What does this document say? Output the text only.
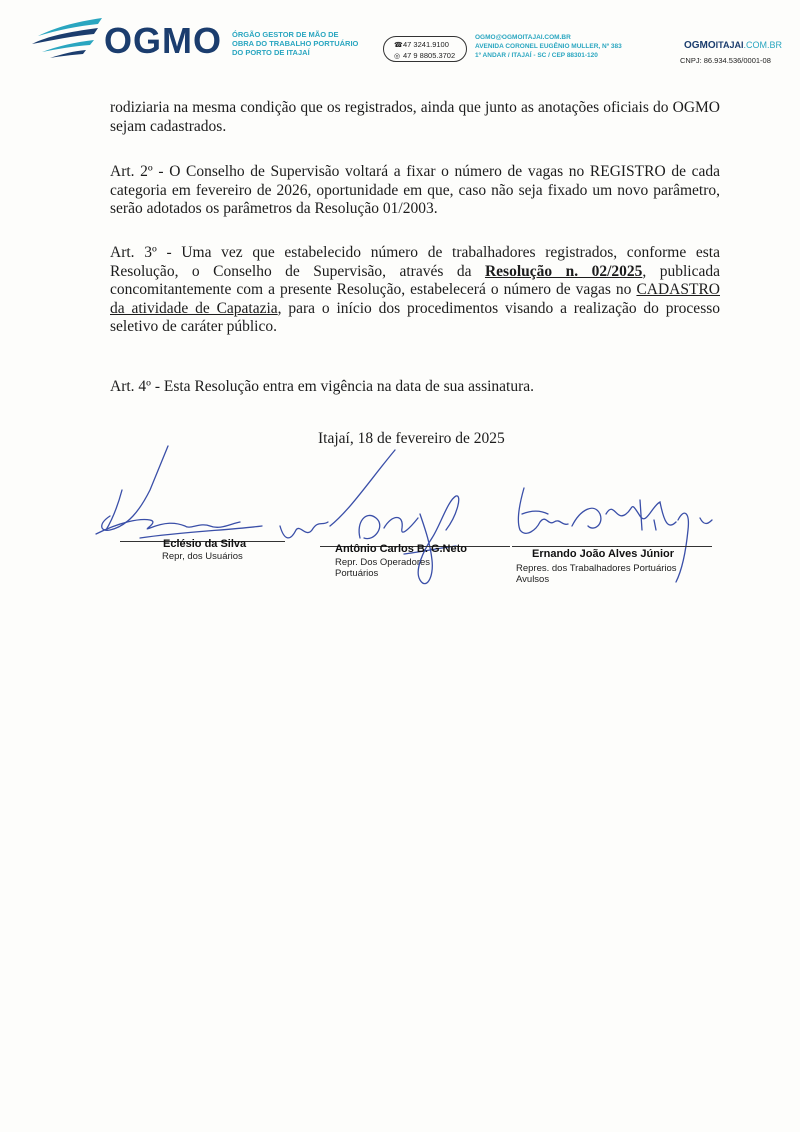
OGMO ÓRGÃO GESTOR DE MÃO DE
OBRA DO TRABALHO PORTUÁRIO
DO PORTO DE ITAJAÍ
☎47 3241.9100
◎ 47 9 8805.3702
OGMO@OGMOITAJAI.COM.BR
AVENIDA CORONEL EUGÊNIO MULLER, Nº 383
1º ANDAR / ITAJAÍ - SC / CEP 88301-120
OGMOITAJAI.COM.BR
CNPJ: 86.934.536/0001-08

rodiziaria na mesma condição que os registrados, ainda que junto as anotações oficiais do OGMO sejam cadastrados.

Art. 2º - O Conselho de Supervisão voltará a fixar o número de vagas no REGISTRO de cada categoria em fevereiro de 2026, oportunidade em que, caso não seja fixado um novo parâmetro, serão adotados os parâmetros da Resolução 01/2003.

Art. 3º - Uma vez que estabelecido número de trabalhadores registrados, conforme esta Resolução, o Conselho de Supervisão, através da Resolução n. 02/2025, publicada concomitantemente com a presente Resolução, estabelecerá o número de vagas no CADASTRO da atividade de Capatazia, para o início dos procedimentos visando a realização do processo seletivo de caráter público.

Art. 4º - Esta Resolução entra em vigência na data de sua assinatura.

Itajaí, 18 de fevereiro de 2025
Eclésio da Silva
Repr, dos Usuários
Antônio Carlos B. G.Neto
Repr. Dos Operadores
Portuários
Ernando João Alves Júnior
Repres. dos Trabalhadores Portuários
Avulsos
